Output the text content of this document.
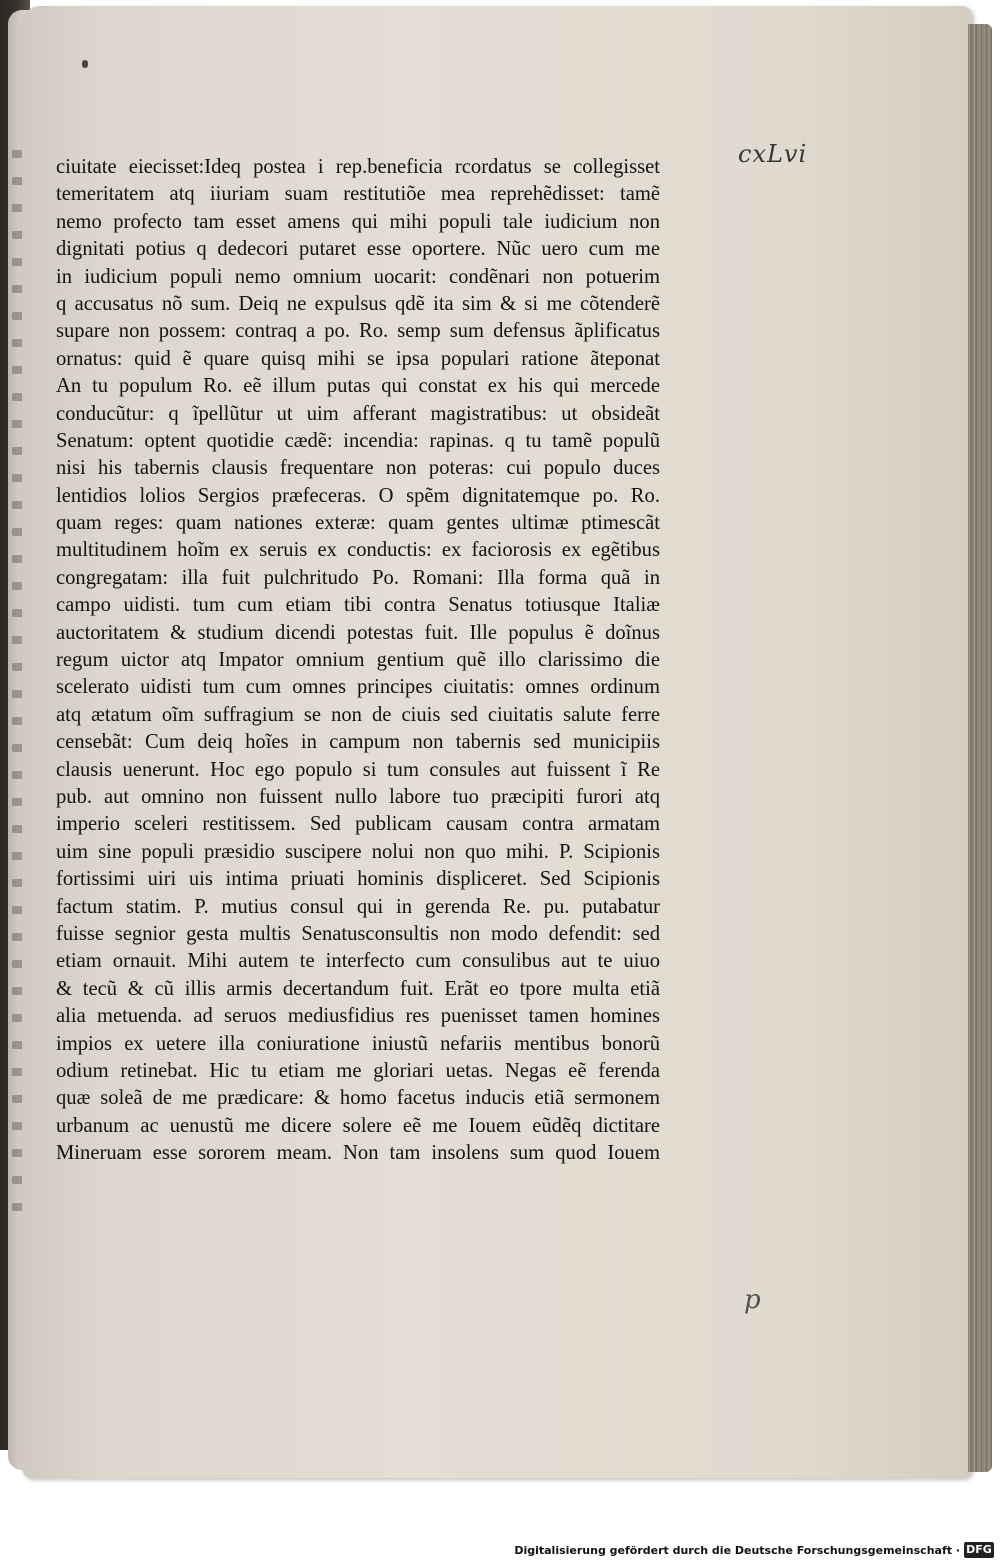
cxLvi
ciuitate eiecisset:Ideq postea i rep.beneficia rcordatus se collegisset
temeritatem atq iiuriam suam restitutiõe mea reprehẽdisset: tamẽ
nemo profecto tam esset amens qui mihi populi tale iudicium non
dignitati potius q dedecori putaret esse oportere. Nũc uero cum me
in iudicium populi nemo omnium uocarit: condẽnari non potuerim
q accusatus nõ sum. Deiq ne expulsus qdẽ ita sim & si me cõtenderẽ
supare non possem: contraq a po. Ro. semp sum defensus ãplificatus
ornatus: quid ẽ quare quisq mihi se ipsa populari ratione ãteponat
An tu populum Ro. eẽ illum putas qui constat ex his qui mercede
conducũtur: q ĩpellũtur ut uim afferant magistratibus: ut obsideãt
Senatum: optent quotidie cædẽ: incendia: rapinas. q tu tamẽ populũ
nisi his tabernis clausis frequentare non poteras: cui populo duces
lentidios lolios Sergios præfeceras. O spẽm dignitatemque po. Ro.
quam reges: quam nationes exteræ: quam gentes ultimæ ptimescãt
multitudinem hoĩm ex seruis ex conductis: ex faciorosis ex egẽtibus
congregatam: illa fuit pulchritudo Po. Romani: Illa forma quã in
campo uidisti. tum cum etiam tibi contra Senatus totiusque Italiæ
auctoritatem & studium dicendi potestas fuit. Ille populus ẽ doĩnus
regum uictor atq Impator omnium gentium quẽ illo clarissimo die
scelerato uidisti tum cum omnes principes ciuitatis: omnes ordinum
atq ætatum oĩm suffragium se non de ciuis sed ciuitatis salute ferre
censebãt: Cum deiq hoĩes in campum non tabernis sed municipiis
clausis uenerunt. Hoc ego populo si tum consules aut fuissent ĩ Re
pub. aut omnino non fuissent nullo labore tuo præcipiti furori atq
imperio sceleri restitissem. Sed publicam causam contra armatam
uim sine populi præsidio suscipere nolui non quo mihi. P. Scipionis
fortissimi uiri uis intima priuati hominis displiceret. Sed Scipionis
factum statim. P. mutius consul qui in gerenda Re. pu. putabatur
fuisse segnior gesta multis Senatusconsultis non modo defendit: sed
etiam ornauit. Mihi autem te interfecto cum consulibus aut te uiuo
& tecũ & cũ illis armis decertandum fuit. Erãt eo tpore multa etiã
alia metuenda. ad seruos mediusfidius res puenisset tamen homines
impios ex uetere illa coniuratione iniustũ nefariis mentibus bonorũ
odium retinebat. Hic tu etiam me gloriari uetas. Negas eẽ ferenda
quæ soleã de me prædicare: & homo facetus inducis etiã sermonem
urbanum ac uenustũ me dicere solere eẽ me Iouem eũdẽq dictitare
Mineruam esse sororem meam. Non tam insolens sum quod Iouem
p
Digitalisierung gefördert durch die Deutsche Forschungsgemeinschaft · DFG
